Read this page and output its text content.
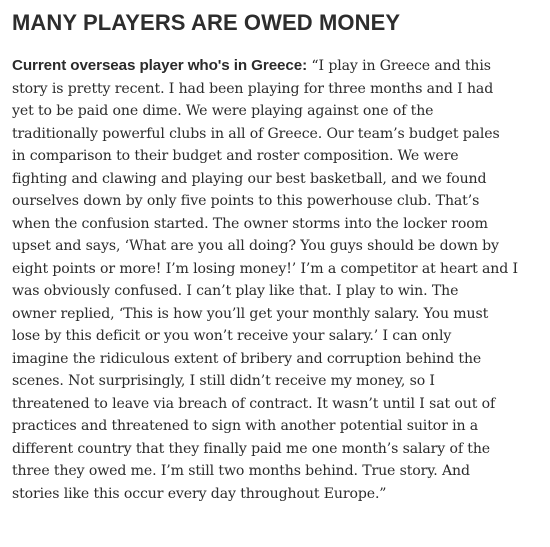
MANY PLAYERS ARE OWED MONEY
Current overseas player who's in Greece: “I play in Greece and this
story is pretty recent. I had been playing for three months and I had
yet to be paid one dime. We were playing against one of the
traditionally powerful clubs in all of Greece. Our team’s budget pales
in comparison to their budget and roster composition. We were
fighting and clawing and playing our best basketball, and we found
ourselves down by only five points to this powerhouse club. That’s
when the confusion started. The owner storms into the locker room
upset and says, ‘What are you all doing? You guys should be down by
eight points or more! I’m losing money!’ I’m a competitor at heart and I
was obviously confused. I can’t play like that. I play to win. The
owner replied, ‘This is how you’ll get your monthly salary. You must
lose by this deficit or you won’t receive your salary.’ I can only
imagine the ridiculous extent of bribery and corruption behind the
scenes. Not surprisingly, I still didn’t receive my money, so I
threatened to leave via breach of contract. It wasn’t until I sat out of
practices and threatened to sign with another potential suitor in a
different country that they finally paid me one month’s salary of the
three they owed me. I’m still two months behind. True story. And
stories like this occur every day throughout Europe.”
